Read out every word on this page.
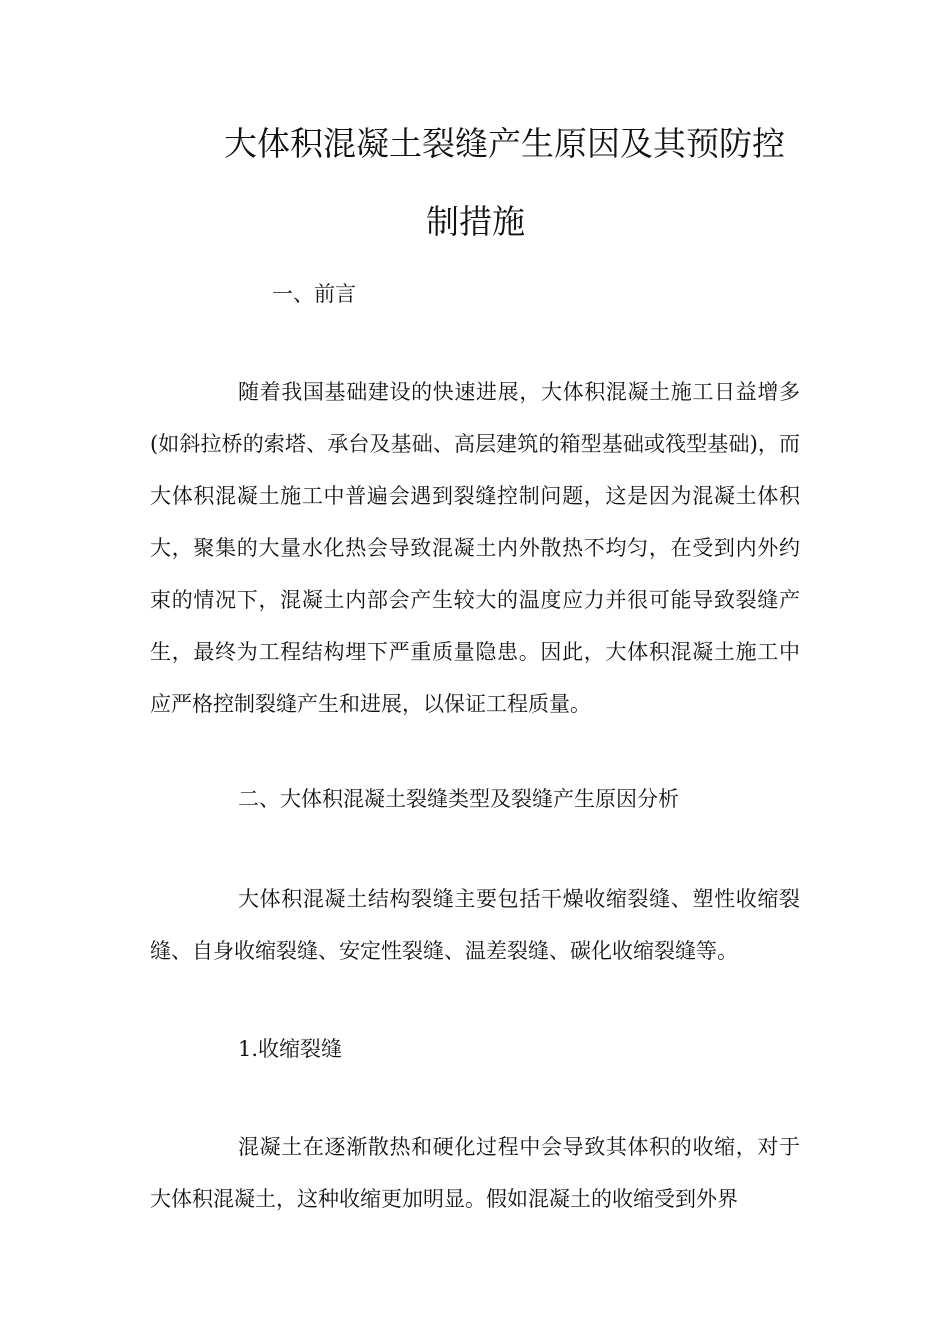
大体积混凝土裂缝产生原因及其预防控
制措施
一、前言
随着我国基础建设的快速进展，大体积混凝土施工日益增多(如斜拉桥的索塔、承台及基础、高层建筑的箱型基础或筏型基础)，而大体积混凝土施工中普遍会遇到裂缝控制问题，这是因为混凝土体积大，聚集的大量水化热会导致混凝土内外散热不均匀，在受到内外约束的情况下，混凝土内部会产生较大的温度应力并很可能导致裂缝产生，最终为工程结构埋下严重质量隐患。因此，大体积混凝土施工中应严格控制裂缝产生和进展，以保证工程质量。
二、大体积混凝土裂缝类型及裂缝产生原因分析
大体积混凝土结构裂缝主要包括干燥收缩裂缝、塑性收缩裂缝、自身收缩裂缝、安定性裂缝、温差裂缝、碳化收缩裂缝等。
1.收缩裂缝
混凝土在逐渐散热和硬化过程中会导致其体积的收缩，对于大体积混凝土，这种收缩更加明显。假如混凝土的收缩受到外界
